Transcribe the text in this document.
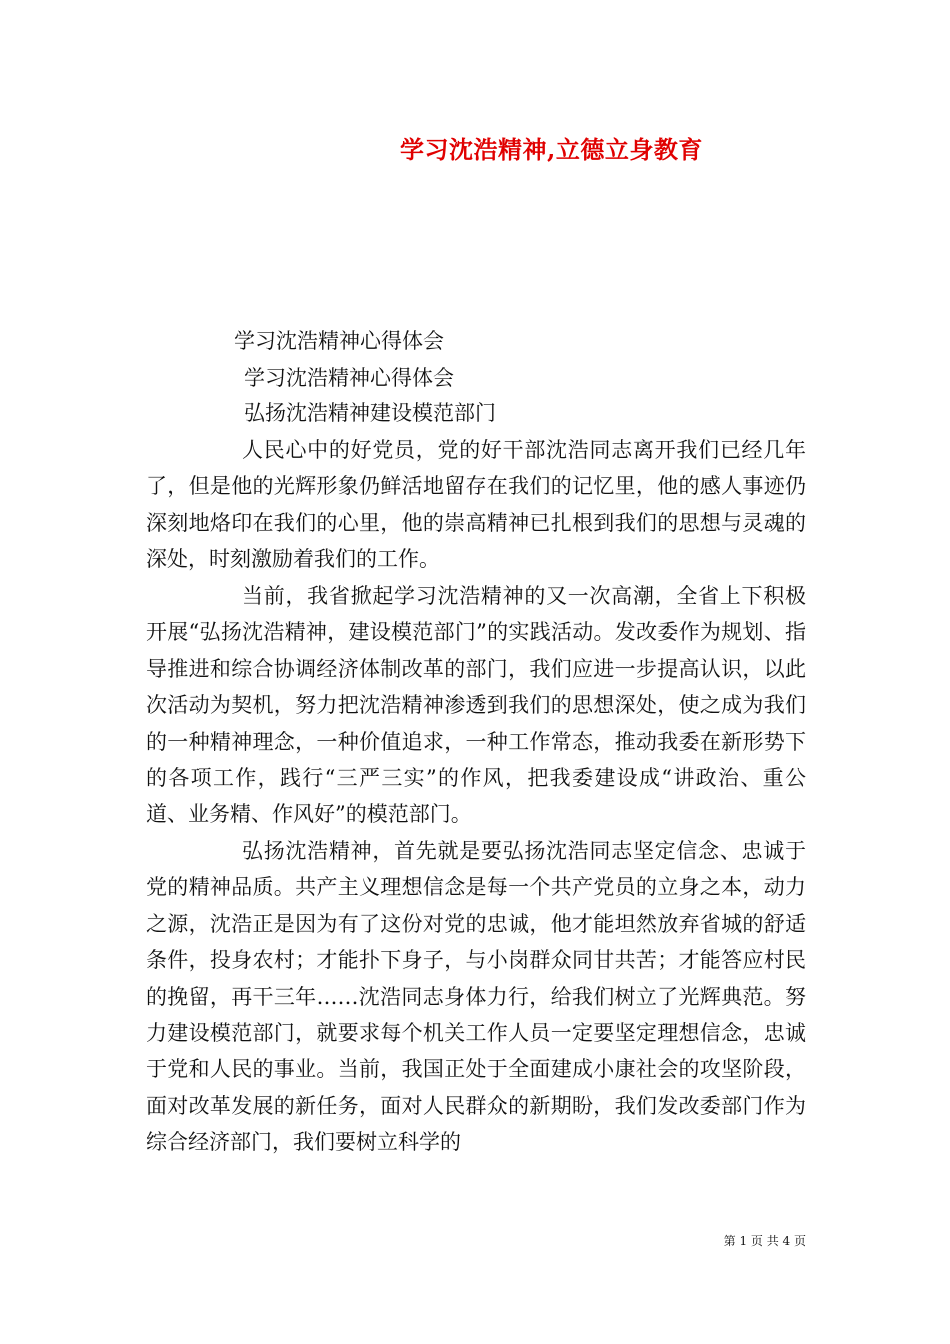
学习沈浩精神,立德立身教育
学习沈浩精神心得体会
学习沈浩精神心得体会
弘扬沈浩精神建设模范部门

人民心中的好党员，党的好干部沈浩同志离开我们已经几年了，但是他的光辉形象仍鲜活地留存在我们的记忆里，他的感人事迹仍深刻地烙印在我们的心里，他的崇高精神已扎根到我们的思想与灵魂的深处，时刻激励着我们的工作。

当前，我省掀起学习沈浩精神的又一次高潮，全省上下积极开展“弘扬沈浩精神，建设模范部门”的实践活动。发改委作为规划、指导推进和综合协调经济体制改革的部门，我们应进一步提高认识，以此次活动为契机，努力把沈浩精神渗透到我们的思想深处，使之成为我们的一种精神理念，一种价值追求，一种工作常态，推动我委在新形势下的各项工作，践行“三严三实”的作风，把我委建设成“讲政治、重公道、业务精、作风好”的模范部门。

弘扬沈浩精神，首先就是要弘扬沈浩同志坚定信念、忠诚于党的精神品质。共产主义理想信念是每一个共产党员的立身之本，动力之源，沈浩正是因为有了这份对党的忠诚，他才能坦然放弃省城的舒适条件，投身农村；才能扑下身子，与小岗群众同甘共苦；才能答应村民的挽留，再干三年……沈浩同志身体力行，给我们树立了光辉典范。努力建设模范部门，就要求每个机关工作人员一定要坚定理想信念，忠诚于党和人民的事业。当前，我国正处于全面建成小康社会的攻坚阶段，面对改革发展的新任务，面对人民群众的新期盼，我们发改委部门作为综合经济部门，我们要树立科学的

第 1 页 共 4 页
